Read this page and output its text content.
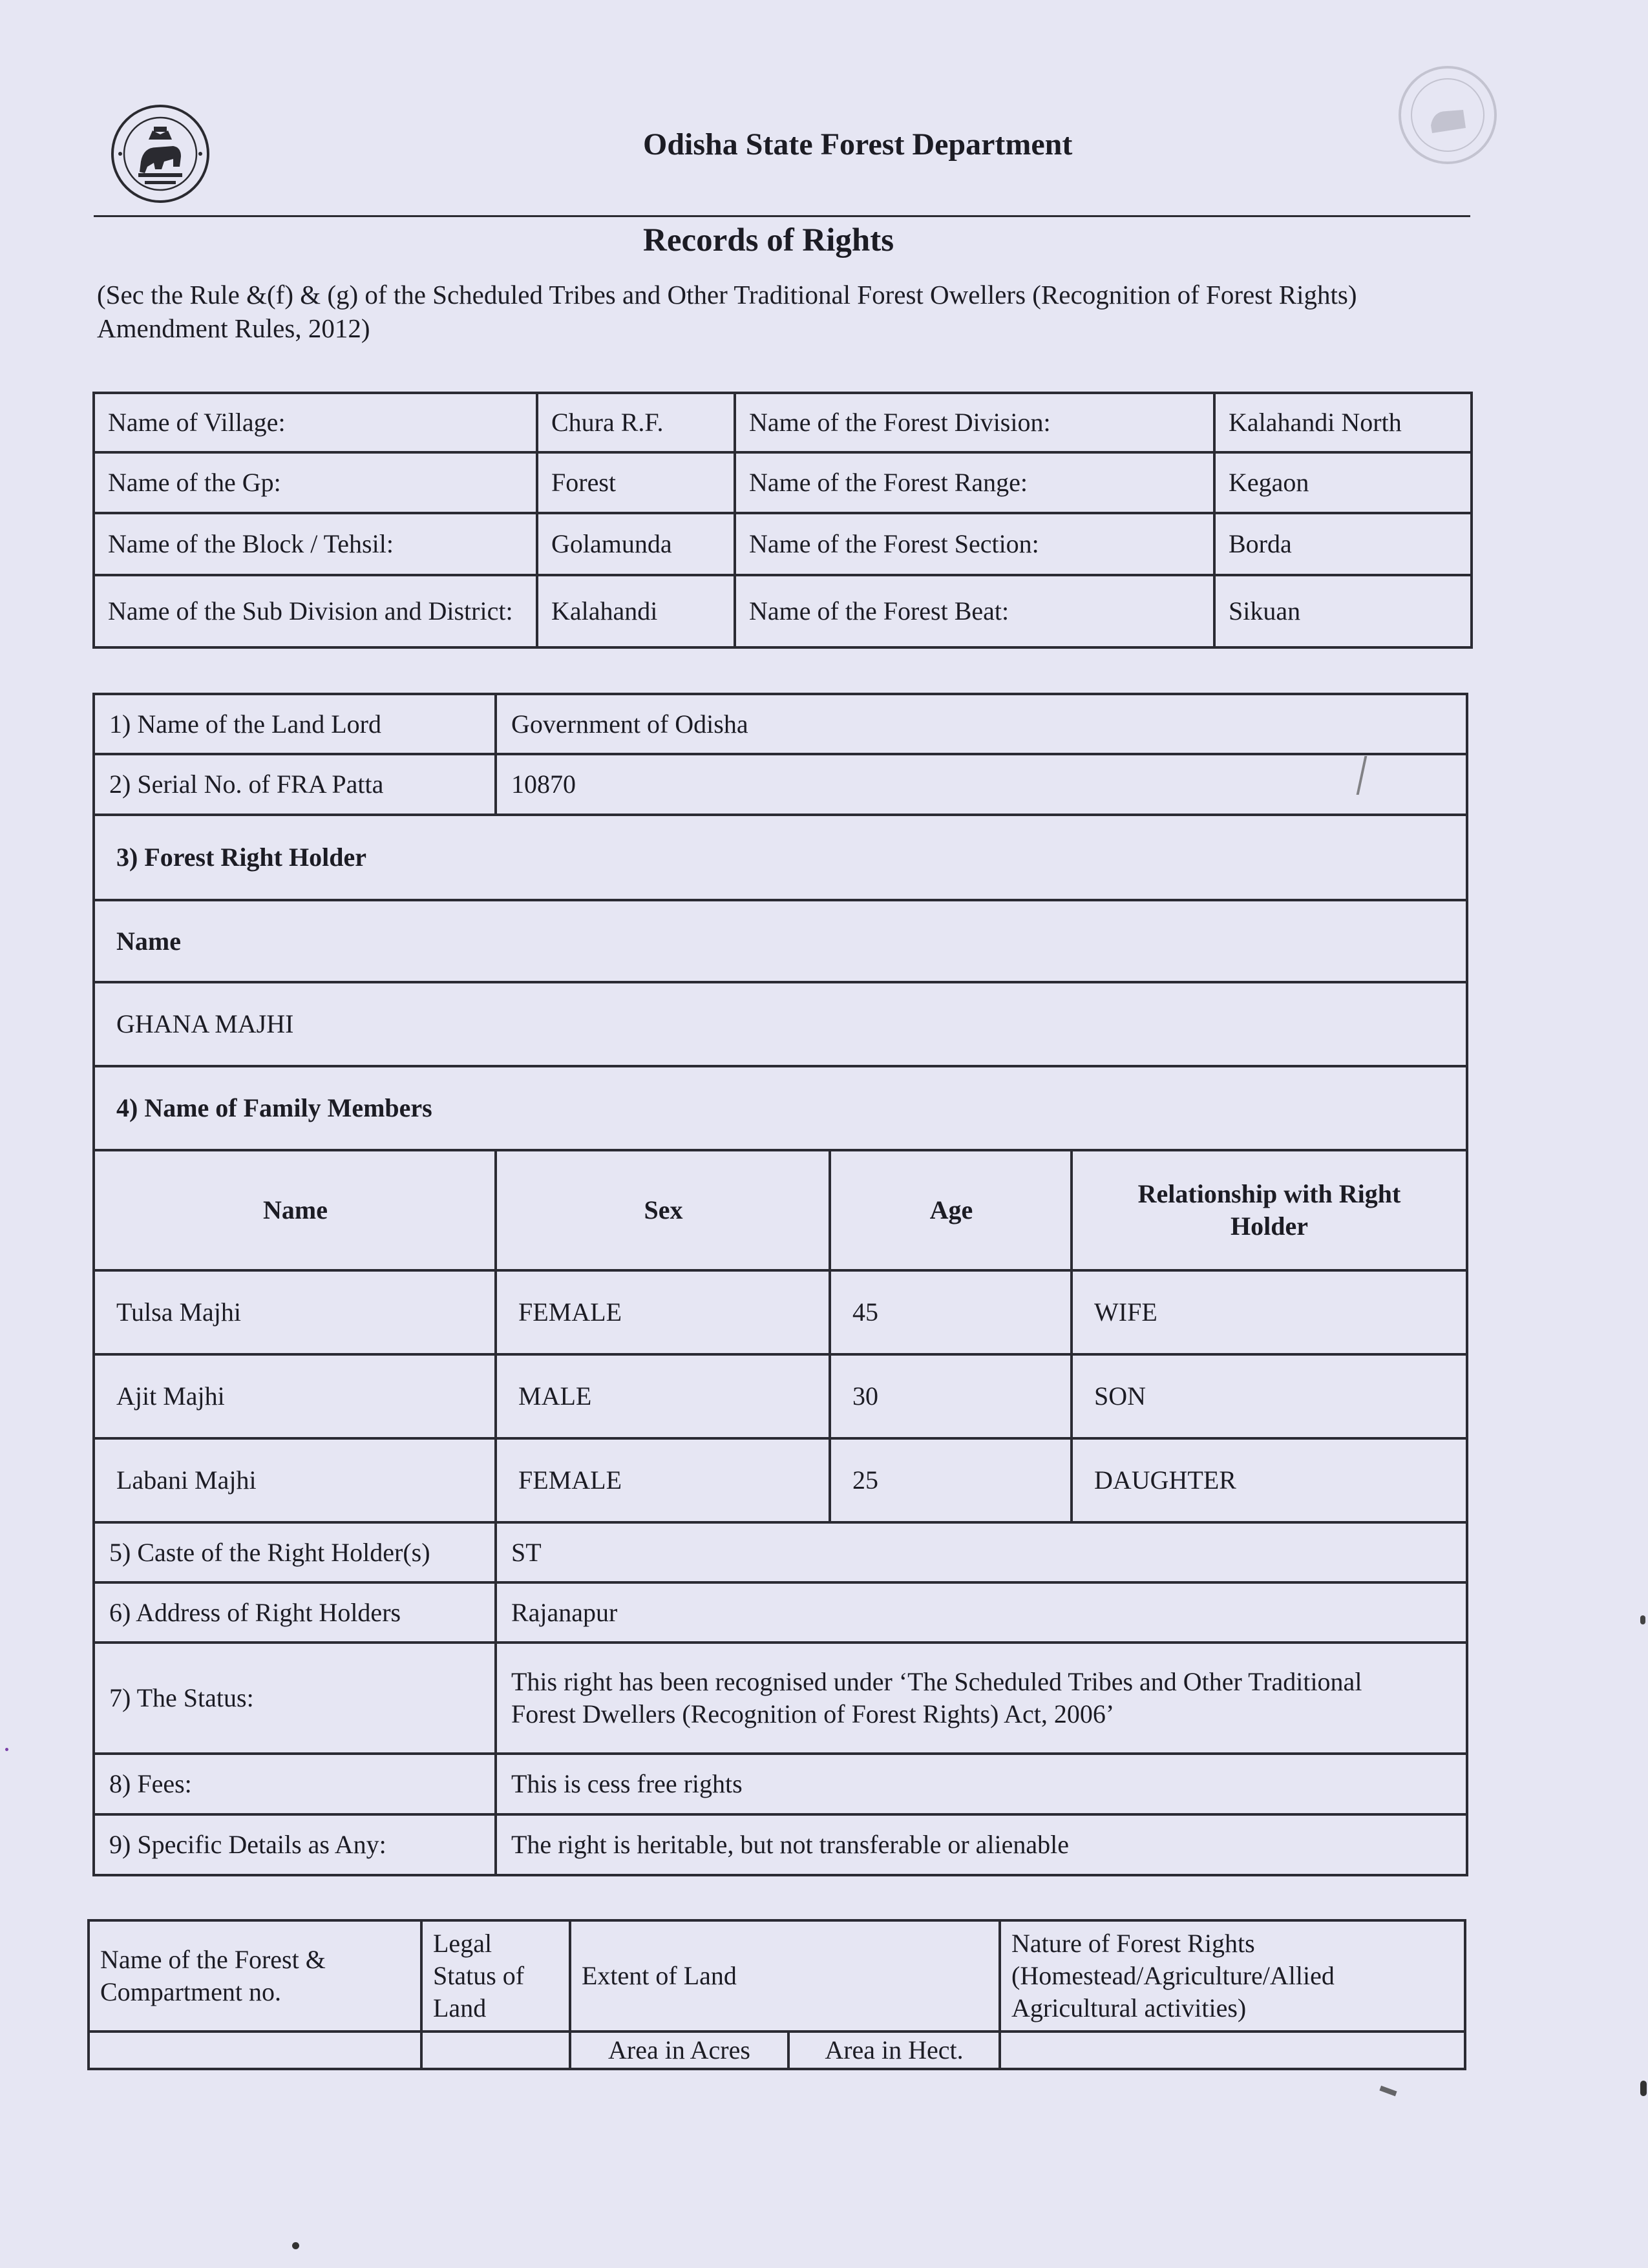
Odisha State Forest Department
Records of Rights
(Sec the Rule &(f) & (g) of the Scheduled Tribes and Other Traditional Forest Owellers (Recognition of Forest Rights) Amendment Rules, 2012)
Name of Village:	Chura R.F.	Name of the Forest Division:	Kalahandi North
Name of the Gp:	Forest	Name of the Forest Range:	Kegaon
Name of the Block / Tehsil:	Golamunda	Name of the Forest Section:	Borda
Name of the Sub Division and District:	Kalahandi	Name of the Forest Beat:	Sikuan
1) Name of the Land Lord	Government of Odisha		
2) Serial No. of FRA Patta	10870		
3) Forest Right Holder			
Name			
GHANA MAJHI			
4) Name of Family Members			
Name	Sex	Age	Relationship with Right Holder
Tulsa Majhi	FEMALE	45	WIFE
Ajit Majhi	MALE	30	SON
Labani Majhi	FEMALE	25	DAUGHTER
5) Caste of the Right Holder(s)	ST		
6) Address of Right Holders	Rajanapur		
7) The Status:	This right has been recognised under ‘The Scheduled Tribes and Other Traditional
Forest Dwellers (Recognition of Forest Rights) Act, 2006’		

8) Fees:	This is cess free rights		
9) Specific Details as Any:	The right is heritable, but not transferable or alienable		
Name of the Forest & Compartment no.	Legal Status of Land	Extent of Land		Nature of Forest Rights (Homestead/Agriculture/Allied Agricultural activities)
		Area in Acres	Area in Hect.	
